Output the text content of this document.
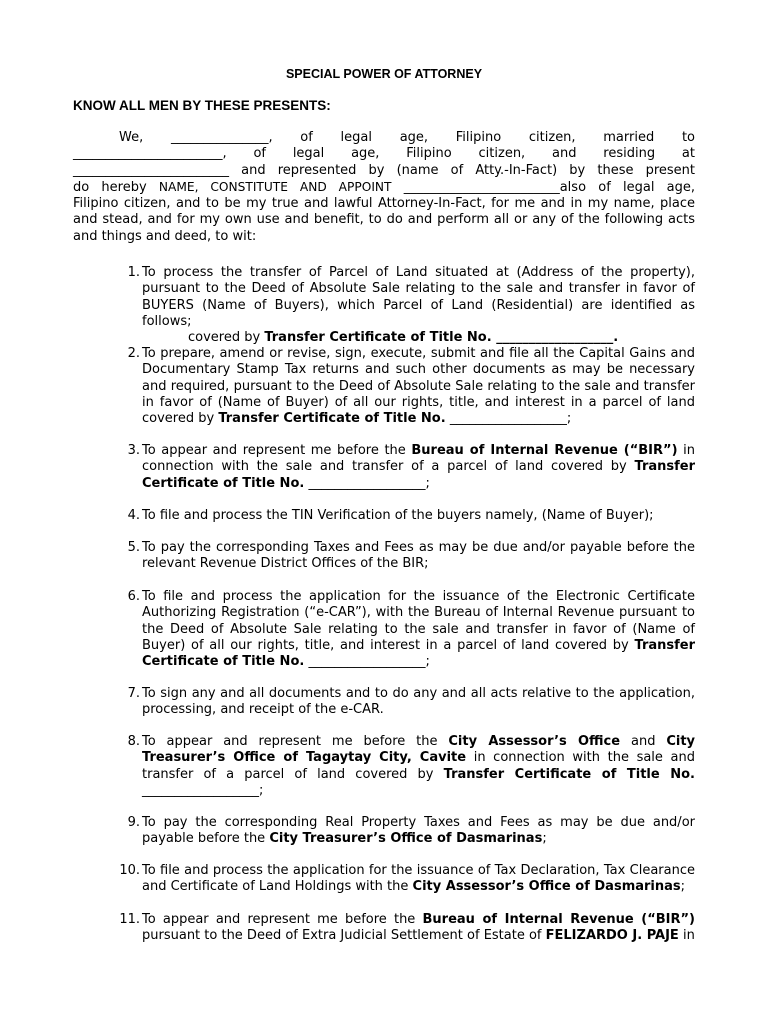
SPECIAL POWER OF ATTORNEY
KNOW ALL MEN BY THESE PRESENTS:
We, _______________, of legal age, Filipino citizen, married to
_______________________, of legal age, Filipino citizen, and residing at
________________________ and represented by (name of Atty.-In-Fact) by these present
do hereby NAME, CONSTITUTE AND APPOINT ________________________also of legal age,
Filipino citizen, and to be my true and lawful Attorney-In-Fact, for me and in my name, place and stead, and for my own use and benefit, to do and perform all or any of the following acts and things and deed, to wit:
1. To process the transfer of Parcel of Land situated at (Address of the property), pursuant to the Deed of Absolute Sale relating to the sale and transfer in favor of BUYERS (Name of Buyers), which Parcel of Land (Residential) are identified as follows;
covered by Transfer Certificate of Title No. __________________.
2. To prepare, amend or revise, sign, execute, submit and file all the Capital Gains and Documentary Stamp Tax returns and such other documents as may be necessary and required, pursuant to the Deed of Absolute Sale relating to the sale and transfer in favor of (Name of Buyer) of all our rights, title, and interest in a parcel of land covered by Transfer Certificate of Title No. __________________;
3. To appear and represent me before the Bureau of Internal Revenue (“BIR”) in connection with the sale and transfer of a parcel of land covered by Transfer Certificate of Title No. __________________;
4. To file and process the TIN Verification of the buyers namely, (Name of Buyer);
5. To pay the corresponding Taxes and Fees as may be due and/or payable before the relevant Revenue District Offices of the BIR;
6. To file and process the application for the issuance of the Electronic Certificate Authorizing Registration (“e-CAR”), with the Bureau of Internal Revenue pursuant to the Deed of Absolute Sale relating to the sale and transfer in favor of (Name of Buyer) of all our rights, title, and interest in a parcel of land covered by Transfer Certificate of Title No. __________________;
7. To sign any and all documents and to do any and all acts relative to the application, processing, and receipt of the e-CAR.
8. To appear and represent me before the City Assessor’s Office and City Treasurer’s Office of Tagaytay City, Cavite in connection with the sale and transfer of a parcel of land covered by Transfer Certificate of Title No. __________________;
9. To pay the corresponding Real Property Taxes and Fees as may be due and/or payable before the City Treasurer’s Office of Dasmarinas;
10. To file and process the application for the issuance of Tax Declaration, Tax Clearance and Certificate of Land Holdings with the City Assessor’s Office of Dasmarinas;
11. To appear and represent me before the Bureau of Internal Revenue (“BIR”) pursuant to the Deed of Extra Judicial Settlement of Estate of FELIZARDO J. PAJE in
